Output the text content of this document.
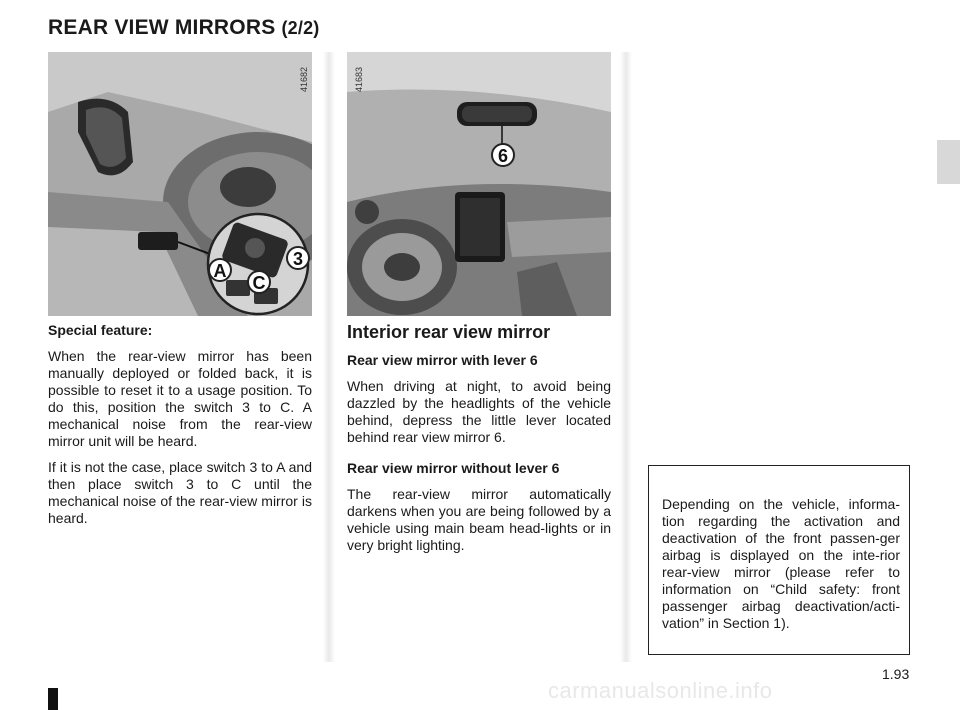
REAR VIEW MIRRORS (2/2)
3
A
C
41682
6
41683

Special feature:

When the rear-view mirror has been manually deployed or folded back, it is possible to reset it to a usage position. To do this, position the switch 3 to C. A mechanical noise from the rear-view mirror unit will be heard.

If it is not the case, place switch 3 to A and then place switch 3 to C until the mechanical noise of the rear-view mirror is heard.

Interior rear view mirror

Rear view mirror with lever 6

When driving at night, to avoid being dazzled by the headlights of the vehicle behind, depress the little lever located behind rear view mirror 6.

Rear view mirror without lever 6

The rear-view mirror automatically darkens when you are being followed by a vehicle using main beam head-lights or in very bright lighting.

Depending on the vehicle, informa-tion regarding the activation and deactivation of the front passen-ger airbag is displayed on the inte-rior rear-view mirror (please refer to information on “Child safety: front passenger airbag deactivation/acti-vation” in Section 1).
1.93
carmanualsonline.info
